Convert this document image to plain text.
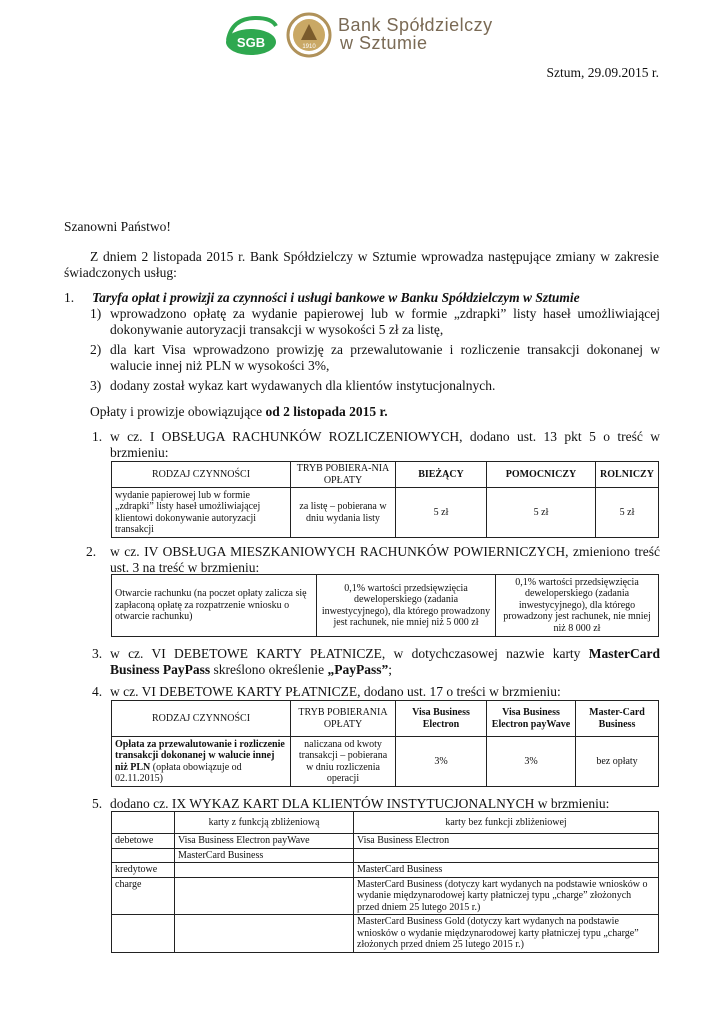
SGB	1910
Bank Spółdzielczy
w Sztumie
Sztum, 29.09.2015 r.

Szanowni Państwo!

Z dniem 2 listopada 2015 r. Bank Spółdzielczy w Sztumie wprowadza następujące zmiany w zakresie świadczonych usług:

1. Taryfa opłat i prowizji za czynności i usługi bankowe w Banku Spółdzielczym w Sztumie
1) wprowadzono opłatę za wydanie papierowej lub w formie „zdrapki” listy haseł umożliwiającej dokonywanie autoryzacji transakcji w wysokości 5 zł za listę,
2) dla kart Visa wprowadzono prowizję za przewalutowanie i rozliczenie transakcji dokonanej w walucie innej niż PLN w wysokości 3%,
3) dodany został wykaz kart wydawanych dla klientów instytucjonalnych.

Opłaty i prowizje obowiązujące od 2 listopada 2015 r.

1. w cz. I OBSŁUGA RACHUNKÓW ROZLICZENIOWYCH, dodano ust. 13 pkt 5 o treść w brzmieniu:
RODZAJ CZYNNOŚCI	TRYB POBIERA-NIA OPŁATY	BIEŻĄCY	POMOCNICZY	ROLNICZY
wydanie papierowej lub w formie „zdrapki” listy haseł umożliwiającej klientowi dokonywanie autoryzacji transakcji	za listę – pobierana w dniu wydania listy	5 zł	5 zł	5 zł
2.	w cz. IV OBSŁUGA MIESZKANIOWYCH RACHUNKÓW POWIERNICZYCH, zmieniono treść ust. 3 na treść w brzmieniu:
Otwarcie rachunku (na poczet opłaty zalicza się zapłaconą opłatę za rozpatrzenie wniosku o otwarcie rachunku)	0,1% wartości przedsięwzięcia deweloperskiego (zadania inwestycyjnego), dla którego prowadzony jest rachunek, nie mniej niż 5 000 zł	0,1% wartości przedsięwzięcia deweloperskiego (zadania inwestycyjnego), dla którego prowadzony jest rachunek, nie mniej niż 8 000 zł
3. w cz. VI DEBETOWE KARTY PŁATNICZE, w dotychczasowej nazwie karty MasterCard Business PayPass skreślono określenie „PayPass”;
4. w cz. VI DEBETOWE KARTY PŁATNICZE, dodano ust. 17 o treści w brzmieniu:
RODZAJ CZYNNOŚCI	TRYB POBIERANIA OPŁATY	Visa Business Electron	Visa Business Electron payWave	Master-Card Business
Opłata za przewalutowanie i rozliczenie transakcji dokonanej w walucie innej niż PLN (opłata obowiązuje od 02.11.2015)	naliczana od kwoty transakcji – pobierana w dniu rozliczenia operacji	3%	3%	bez opłaty
5. dodano cz. IX WYKAZ KART DLA KLIENTÓW INSTYTUCJONALNYCH w brzmieniu:
	karty z funkcją zbliżeniową	karty bez funkcji zbliżeniowej
debetowe	Visa Business Electron payWave	Visa Business Electron
	MasterCard Business	
kredytowe		MasterCard Business
charge		MasterCard Business (dotyczy kart wydanych na podstawie wniosków o wydanie międzynarodowej karty płatniczej typu „charge” złożonych przed dniem 25 lutego 2015 r.)
		MasterCard Business Gold (dotyczy kart wydanych na podstawie wniosków o wydanie międzynarodowej karty płatniczej typu „charge” złożonych przed dniem 25 lutego 2015 r.)
